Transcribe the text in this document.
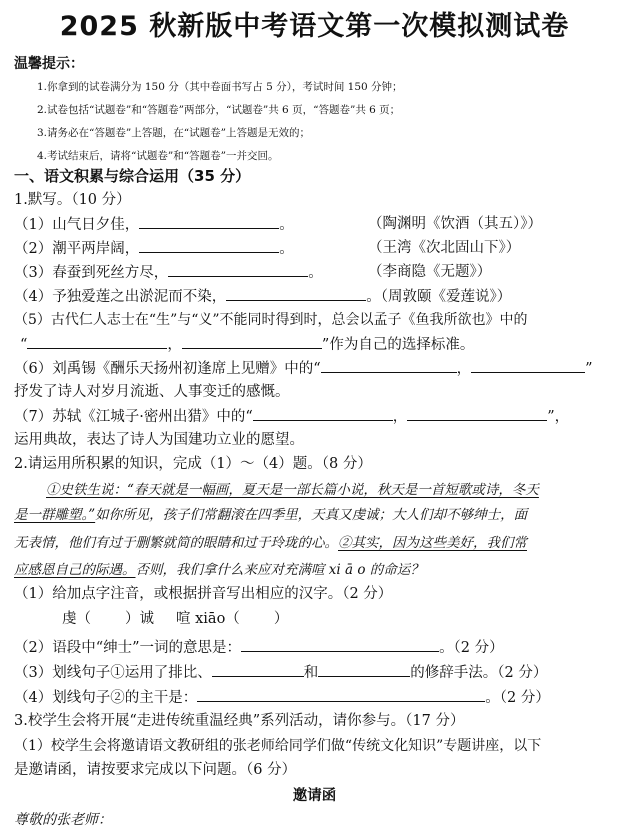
2025 秋新版中考语文第一次模拟测试卷
温馨提示：
1.你拿到的试卷满分为 150 分（其中卷面书写占 5 分），考试时间 150 分钟；
2.试卷包括“试题卷”和“答题卷”两部分，“试题卷”共 6 页，“答题卷”共 6 页；
3.请务必在“答题卷”上答题，在“试题卷”上答题是无效的；
4.考试结束后，请将“试题卷”和“答题卷”一并交回。
一、语文积累与综合运用（35 分）
1.默写。（10 分）
（1）山气日夕佳，	。	（陶渊明《饮酒（其五）》）
（2）潮平两岸阔，	。	（王湾《次北固山下》）
（3）春蚕到死丝方尽，	。	（李商隐《无题》）
（4）予独爱莲之出淤泥而不染，	。（周敦颐《爱莲说》）
（5）古代仁人志士在“生”与“义”不能同时得到时，总会以孟子《鱼我所欲也》中的
“	，	”作为自己的选择标准。
（6）刘禹锡《酬乐天扬州初逢席上见赠》中的“	，	”
抒发了诗人对岁月流逝、人事变迁的感慨。
（7）苏轼《江城子·密州出猎》中的“	，	”，
运用典故，表达了诗人为国建功立业的愿望。
2.请运用所积累的知识，完成（1）～（4）题。（8 分）
①史铁生说：“春天就是一幅画，夏天是一部长篇小说，秋天是一首短歌或诗，冬天
是一群雕塑。”如你所见，孩子们常翻滚在四季里，天真又虔诚；大人们却不够绅士，面
无表情，他们有过于删繁就简的眼睛和过于玲珑的心。②其实，因为这些美好，我们常
应感恩自己的际遇。否则，我们拿什么来应对充满喧 xi ā o 的命运？
（1）给加点字注音，或根据拼音写出相应的汉字。（2 分）
虔（ ）诚 喧 xiāo（ ）
（2）语段中“绅士”一词的意思是：	。（2 分）
（3）划线句子①运用了排比、	和	的修辞手法。（2 分）
（4）划线句子②的主干是：	。（2 分）
3.校学生会将开展“走进传统重温经典”系列活动，请你参与。（17 分）
（1）校学生会将邀请语文教研组的张老师给同学们做“传统文化知识”专题讲座，以下
是邀请函，请按要求完成以下问题。（6 分）
邀请函
尊敬的张老师：
